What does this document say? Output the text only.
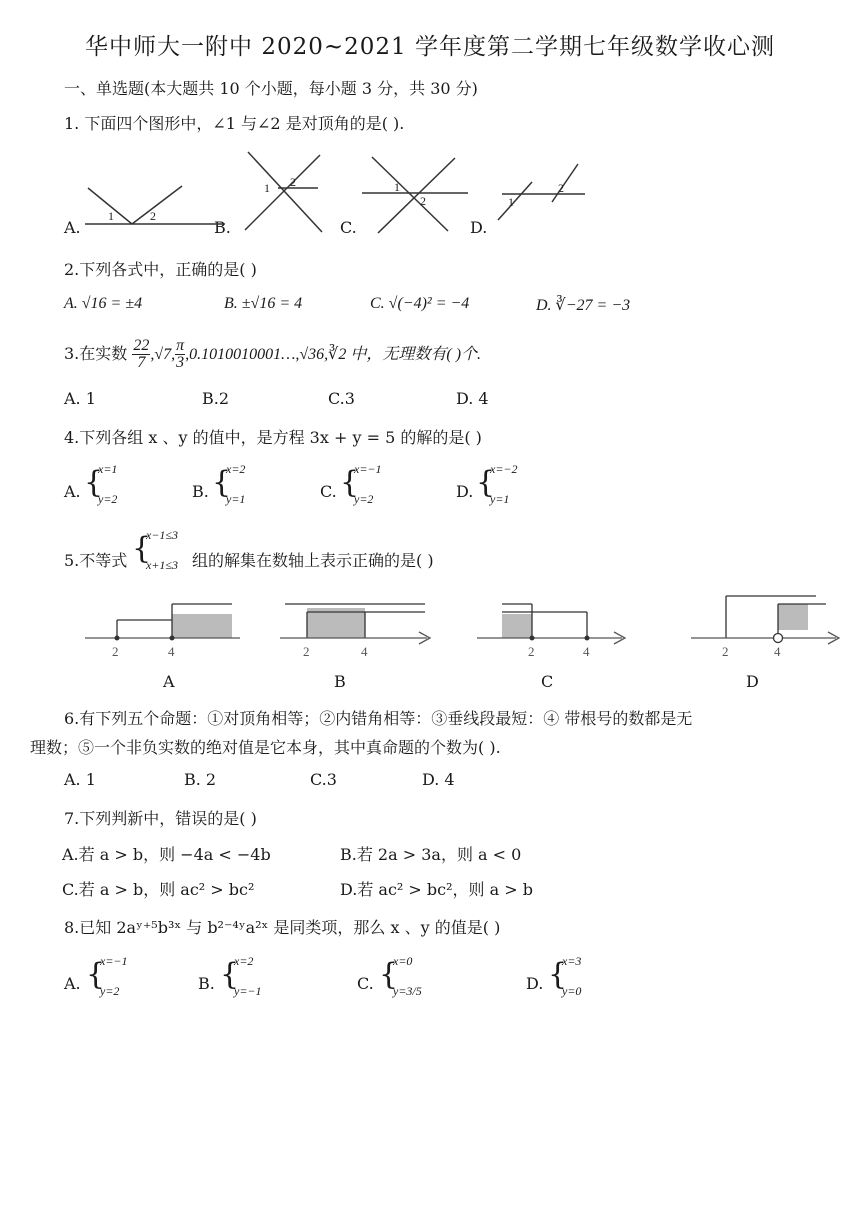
华中师大一附中 2020~2021 学年度第二学期七年级数学收心测
一、单选题(本大题共 10 个小题，每小题 3 分，共 30 分)
1. 下面四个图形中，∠1 与∠2 是对顶角的是( ).
A.	B.	C.	D.
1	2
1 2	1
2	1
2
2.下列各式中，正确的是( )
A. √16 = ±4	B. ±√16 = 4	C. √(−4)² = −4	D. ∛−27 = −3
3.在实数 $\frac{22}{7} ,√7$, $\frac{\pi}{3}$ ,0.1010010001…,√36,∛2 中，无理数有( )个.
A. 1	B.2	C.3	D. 4
4.下列各组 x 、y 的值中，是方程 3x + y = 5 的解的是( )
A. {
x=1
y=2	B. {
x=2
y=1	C. {
x=−1
y=2	D. {
x=−2
y=1
5.不等式 {
x−1≤3
x+1≤3 组的解集在数轴上表示正确的是( )
2	4
A
2	4
B
2	4
C
2	4
D
6.有下列五个命题：①对顶角相等；②内错角相等：③垂线段最短：④ 带根号的数都是无
理数；⑤一个非负实数的绝对值是它本身，其中真命题的个数为( ).
A. 1	B. 2	C.3	D. 4
7.下列判新中，错误的是( )
A.若 a > b，则 −4a < −4b	B.若 2a > 3a，则 a < 0
C.若 a > b，则 ac² > bc²	D.若 ac² > bc²，则 a > b
8.已知 2aʸ⁺⁵b³ˣ 与 b²⁻⁴ʸa²ˣ 是同类项，那么 x 、y 的值是( )
A. {
x=−1
y=2	B. {
x=2
y=−1	C. {
x=0
y=3/5	D. {
x=3
y=0
